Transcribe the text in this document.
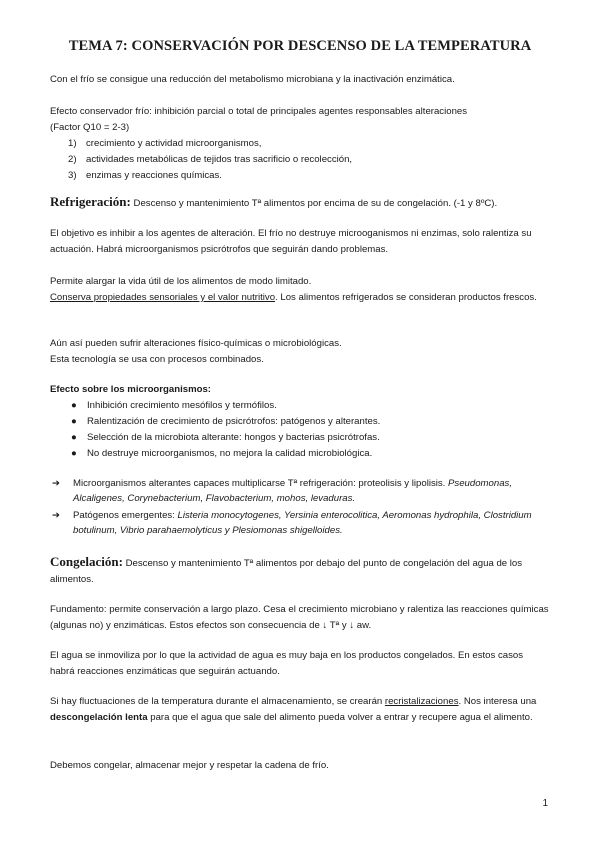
TEMA 7: CONSERVACIÓN POR DESCENSO DE LA TEMPERATURA

Con el frío se consigue una reducción del metabolismo microbiana y la inactivación enzimática.

Efecto conservador frío: inhibición parcial o total de principales agentes responsables alteraciones

(Factor Q10 = 2-3)

1) crecimiento y actividad microorganismos,
2) actividades metabólicas de tejidos tras sacrificio o recolección,
3) enzimas y reacciones químicas.

Refrigeración: Descenso y mantenimiento Tª alimentos por encima de su de congelación. (-1 y 8ºC).

El objetivo es inhibir a los agentes de alteración. El frío no destruye microoganismos ni enzimas, solo ralentiza su actuación. Habrá microorganismos psicrótrofos que seguirán dando problemas.

Permite alargar la vida útil de los alimentos de modo limitado.

Conserva propiedades sensoriales y el valor nutritivo. Los alimentos refrigerados se consideran productos frescos.

Aún así pueden sufrir alteraciones físico-químicas o microbiológicas.

Esta tecnología se usa con procesos combinados.

Efecto sobre los microorganismos:

● Inhibición crecimiento mesófilos y termófilos.
● Ralentización de crecimiento de psicrótrofos: patógenos y alterantes.
● Selección de la microbiota alterante: hongos y bacterias psicrótrofas.
● No destruye microorganismos, no mejora la calidad microbiológica.
➔ Microorganismos alterantes capaces multiplicarse Tª refrigeración: proteolisis y lipolisis. Pseudomonas, Alcaligenes, Corynebacterium, Flavobacterium, mohos, levaduras.
➔ Patógenos emergentes: Listeria monocytogenes, Yersinia enterocolitica, Aeromonas hydrophila, Clostridium botulinum, Vibrio parahaemolyticus y Plesiomonas shigelloides.

Congelación: Descenso y mantenimiento Tª alimentos por debajo del punto de congelación del agua de los alimentos.

Fundamento: permite conservación a largo plazo. Cesa el crecimiento microbiano y ralentiza las reacciones químicas (algunas no) y enzimáticas. Estos efectos son consecuencia de ↓ Tª y ↓ aw.

El agua se inmoviliza por lo que la actividad de agua es muy baja en los productos congelados. En estos casos habrá reacciones enzimáticas que seguirán actuando.

Si hay fluctuaciones de la temperatura durante el almacenamiento, se crearán recristalizaciones. Nos interesa una descongelación lenta para que el agua que sale del alimento pueda volver a entrar y recupere agua el alimento.

Debemos congelar, almacenar mejor y respetar la cadena de frío.

1
